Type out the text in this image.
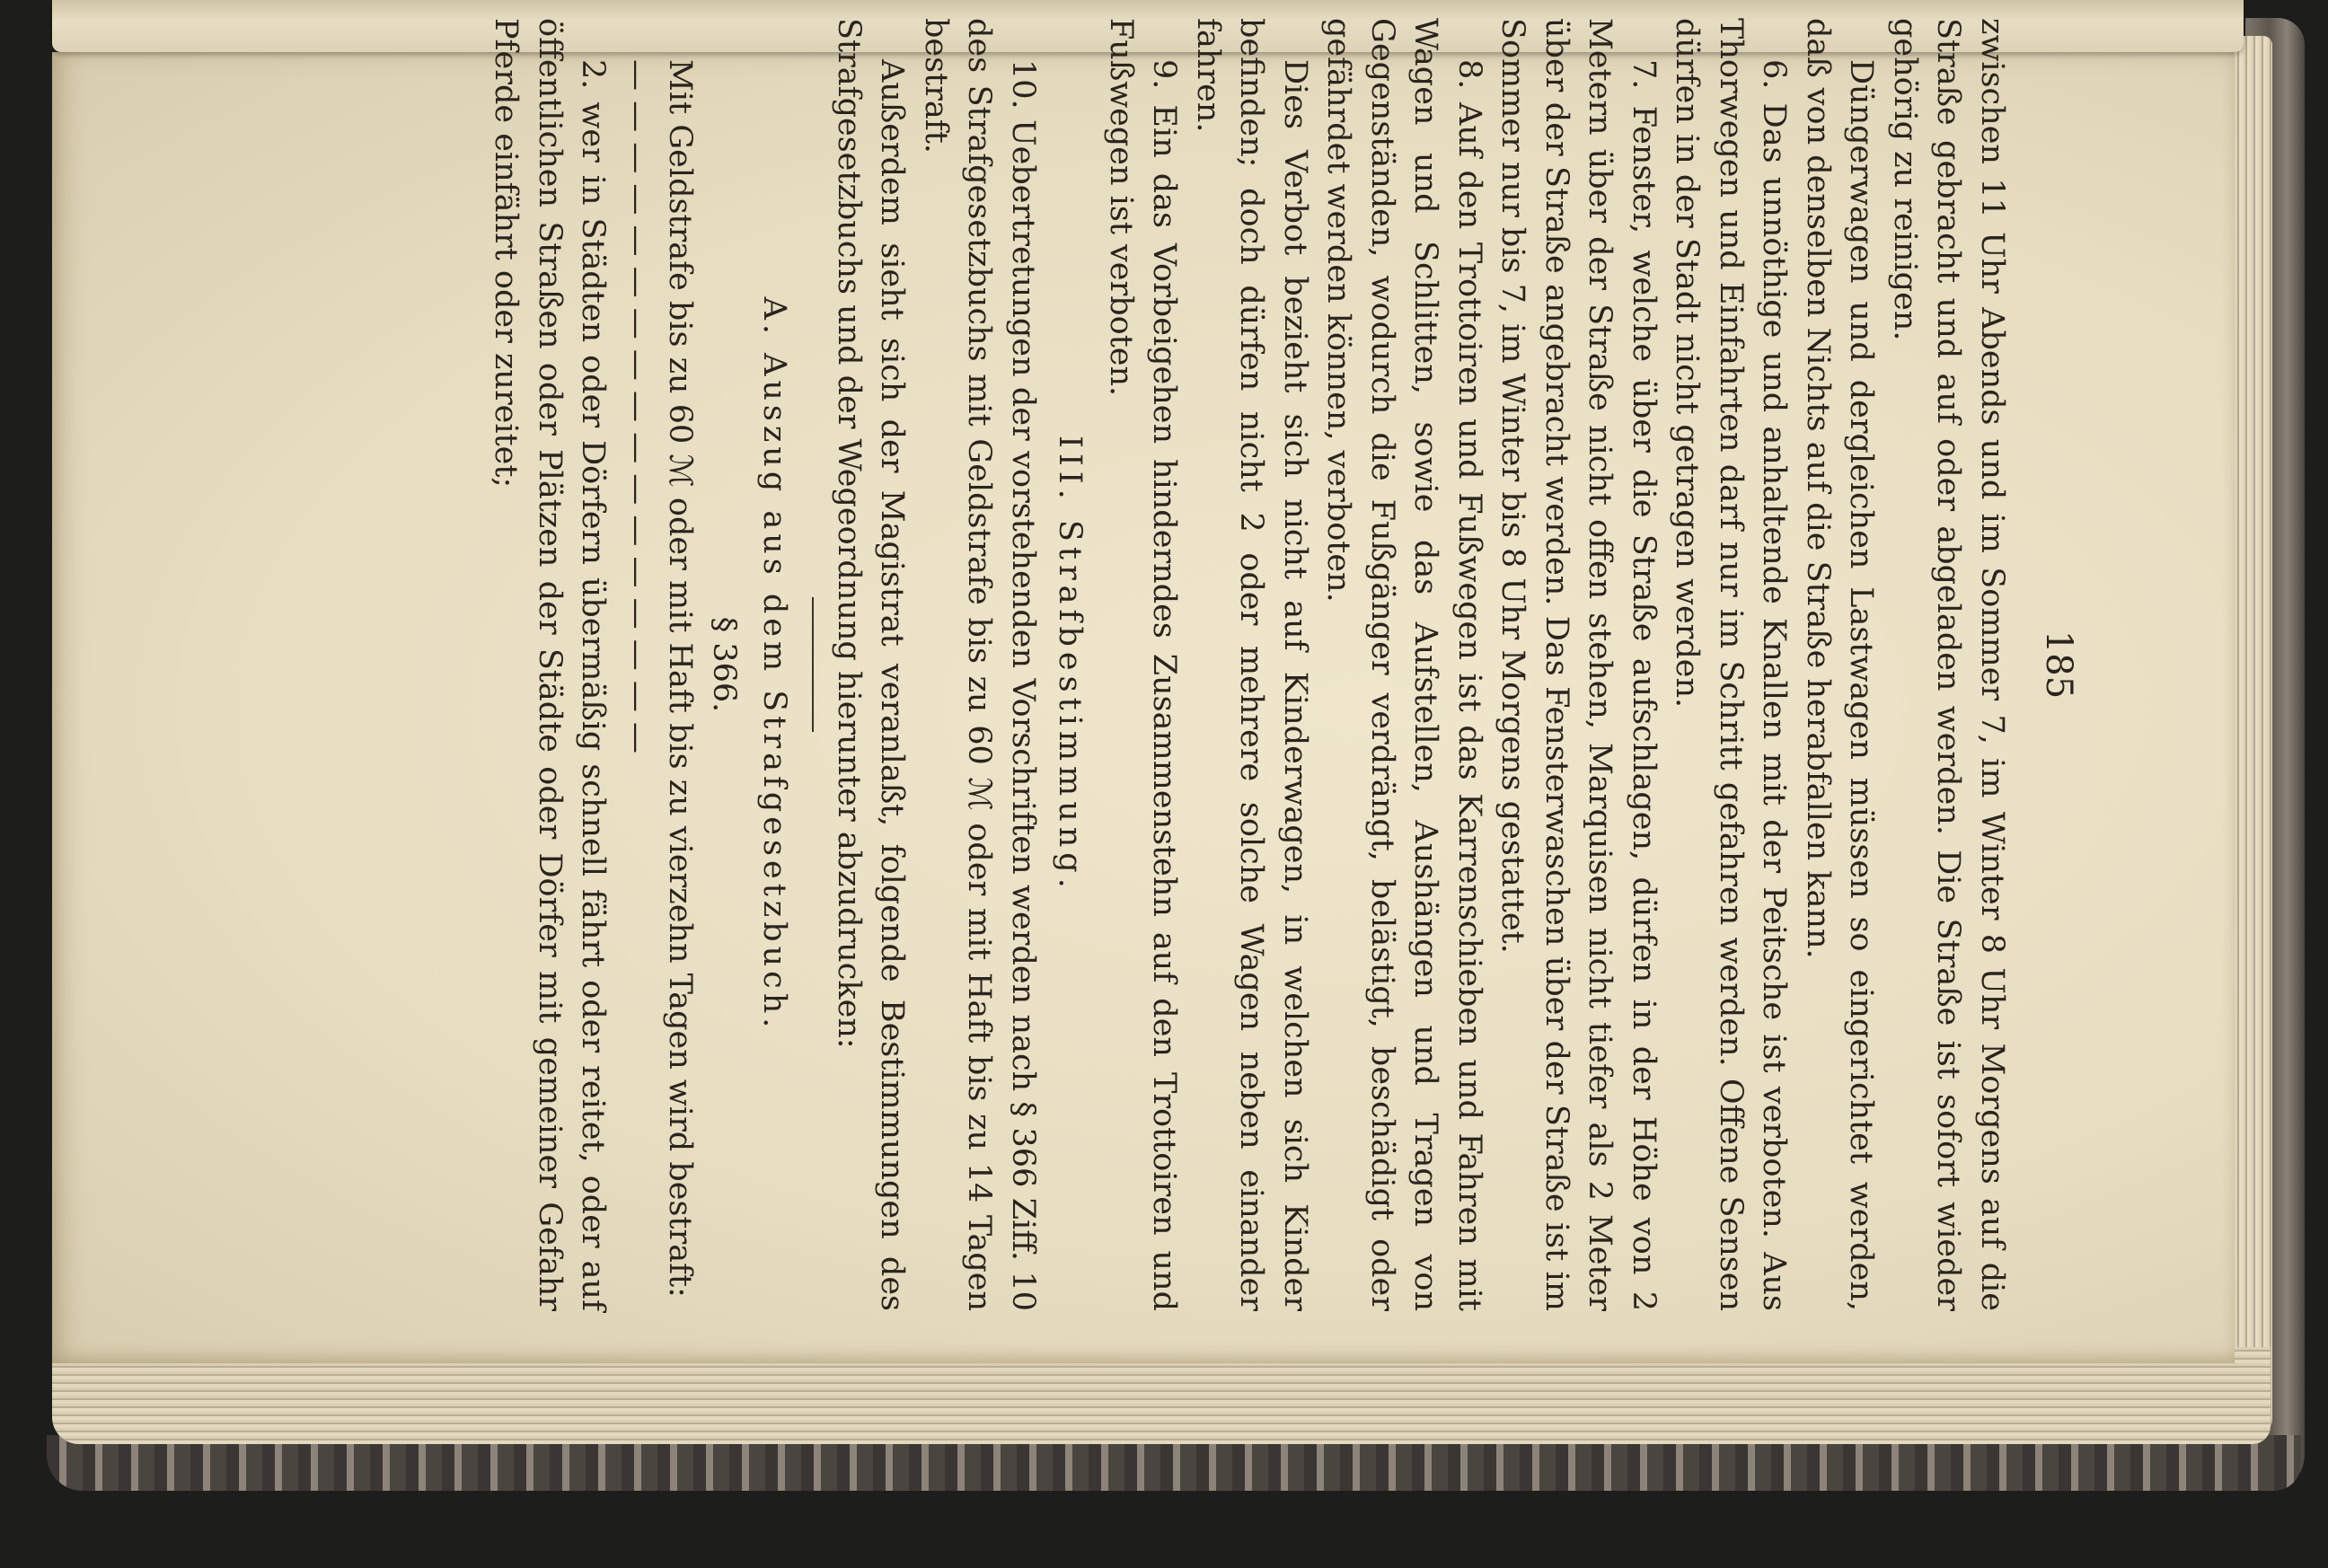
185

zwischen 11 Uhr Abends und im Sommer 7, im Winter 8 Uhr Morgens auf die Straße gebracht und auf oder abgeladen werden. Die Straße ist sofort wieder gehörig zu reinigen.

Düngerwagen und dergleichen Lastwagen müssen so eingerichtet werden, daß von denselben Nichts auf die Straße herabfallen kann.

6. Das unnöthige und anhaltende Knallen mit der Peitsche ist verboten. Aus Thorwegen und Einfahrten darf nur im Schritt gefahren werden. Offene Sensen dürfen in der Stadt nicht getragen werden.

7. Fenster, welche über die Straße aufschlagen, dürfen in der Höhe von 2 Metern über der Straße nicht offen stehen, Marquisen nicht tiefer als 2 Meter über der Straße angebracht werden. Das Fensterwaschen über der Straße ist im Sommer nur bis 7, im Winter bis 8 Uhr Morgens gestattet.

8. Auf den Trottoiren und Fußwegen ist das Karrenschieben und Fahren mit Wagen und Schlitten, sowie das Aufstellen, Aushängen und Tragen von Gegenständen, wodurch die Fußgänger verdrängt, belästigt, beschädigt oder gefährdet werden können, verboten.

Dies Verbot bezieht sich nicht auf Kinderwagen, in welchen sich Kinder befinden; doch dürfen nicht 2 oder mehrere solche Wagen neben einander fahren.

9. Ein das Vorbeigehen hinderndes Zusammenstehn auf den Trottoiren und Fußwegen ist verboten.

III. Strafbestimmung.

10. Uebertretungen der vorstehenden Vorschriften werden nach § 366 Ziff. 10 des Strafgesetzbuchs mit Geldstrafe bis zu 60 ℳ oder mit Haft bis zu 14 Tagen bestraft.

Außerdem sieht sich der Magistrat veranlaßt, folgende Bestimmungen des Strafgesetzbuchs und der Wegeordnung hierunter abzudrucken:

A. Auszug aus dem Strafgesetzbuch.
§ 366.

Mit Geldstrafe bis zu 60 ℳ oder mit Haft bis zu vierzehn Tagen wird bestraft:

— — — — — — — — — — — — — — — — —

2. wer in Städten oder Dörfern übermäßig schnell fährt oder reitet, oder auf öffentlichen Straßen oder Plätzen der Städte oder Dörfer mit gemeiner Gefahr Pferde einfährt oder zureitet;
